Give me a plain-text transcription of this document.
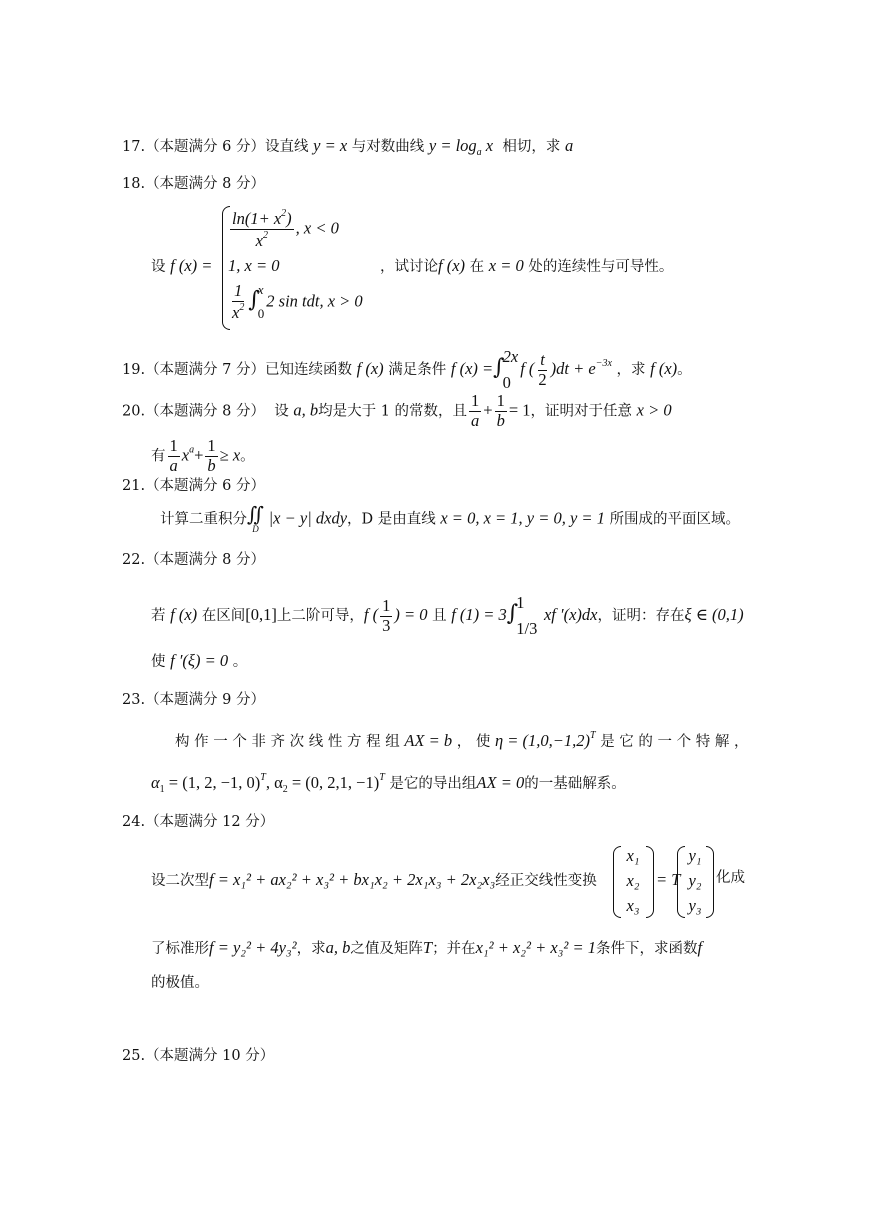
17.（本题满分 6 分）设直线 y = x 与对数曲线 $y = \log_a x$ 相切，求 a
18.（本题满分 8 分）
设 f (x) =
$\frac{\ln(1+ x^2)}{x^2}$ , x < 0
1, x = 0
$\frac{1}{x^2}$ ∫
x
0
2 sin tdt, x > 0
，试讨论f (x) 在 x = 0 处的连续性与可导性。
19.（本题满分 7 分）已知连续函数 f (x) 满足条件 f (x) =∫
2x
0
f ( $\frac{t}{2} )dt + e^{-3x}$ ，求 f (x)。
20.（本题满分 8 分） 设 a, b均是大于 1 的常数，且 $\frac{1}{a} + \frac{1}{b} = 1$，证明对于任意 x > 0
有 $\frac{1}{a} x^a+ \frac{1}{b} \ge x$。
21.（本题满分 6 分）
计算二重积分 ∬
D
|x − y| dxdy，D 是由直线 x = 0, x = 1, y = 0, y = 1 所围成的平面区域。
22.（本题满分 8 分）
若 f (x) 在区间[0,1]上二阶可导，f ( $\frac{1}{3}$ ) = 0 且 f (1) = 3∫
1
1/3
xf ′(x)dx，证明：存在ξ ∈ (0,1)
使 f ′(ξ) = 0 。
23.（本题满分 9 分）
构 作 一 个 非 齐 次 线 性 方 程 组 AX = b ， 使 $\eta = (1,0,-1,2)^T$ 是 它 的 一 个 特 解 ，
$\alpha_1 = (1$, 2, −1, 0)$^T$, $\alpha_2 = (0$, 2,1, −1)$^T$ 是它的导出组AX = 0的一基础解系。
24.（本题满分 12 分）
设二次型f = x₁² + ax₂² + x₃² + bx₁x₂ + 2x₁x₃ + 2x₂x₃经正交线性变换
x₁
x₂
x₃
= T
y₁
y₂
y₃
化成
了标准形f = y₂² + 4y₃²，求a, b之值及矩阵T；并在x₁² + x₂² + x₃² = 1条件下，求函数f
的极值。
25.（本题满分 10 分）
